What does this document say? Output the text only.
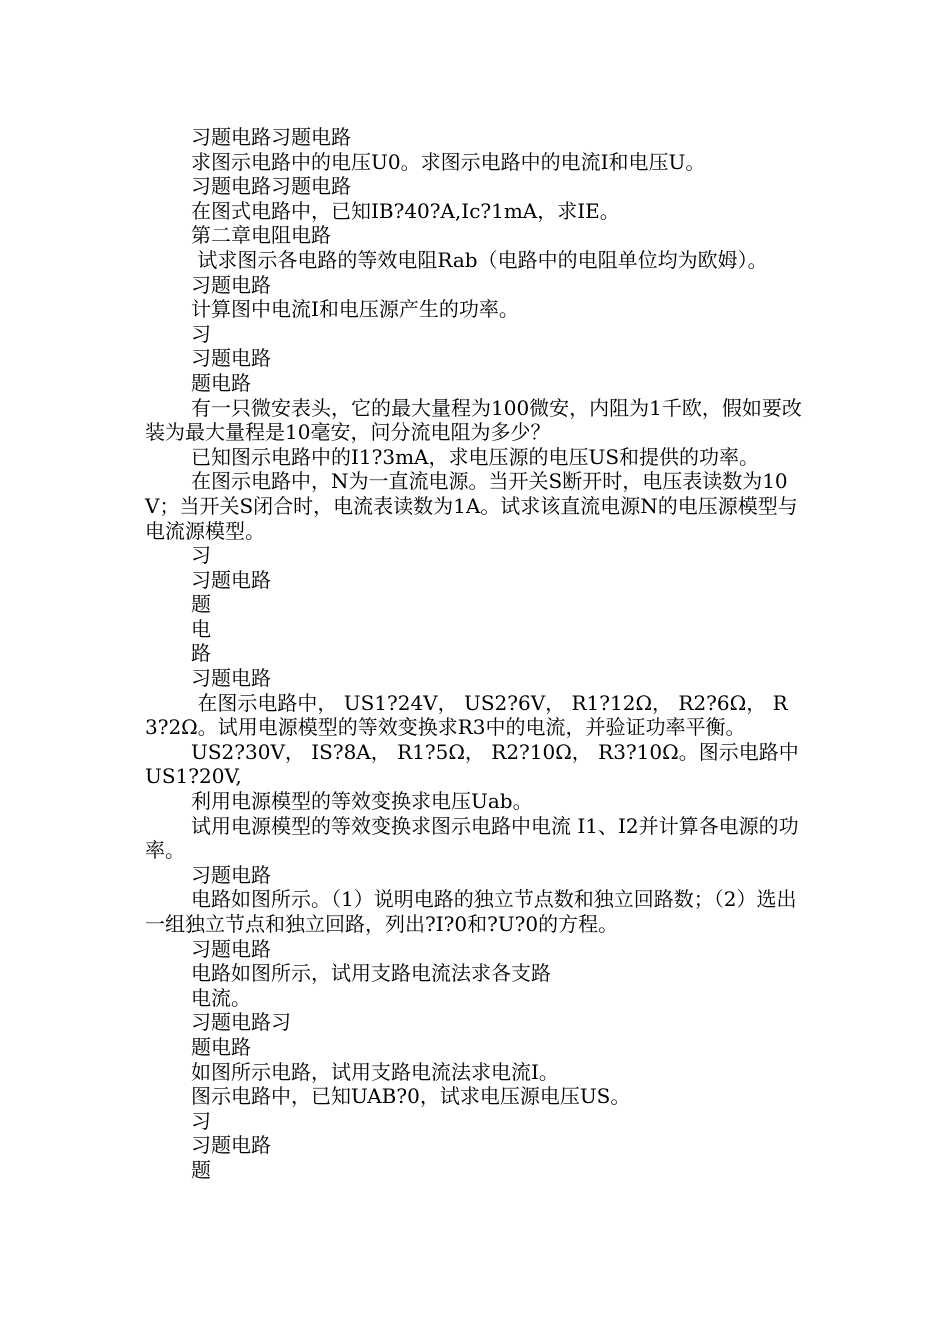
习题电路习题电路

求图示电路中的电压U0。求图示电路中的电流I和电压U。

习题电路习题电路

在图式电路中，已知IB?40?A,Ic?1mA，求IE。

第二章电阻电路

试求图示各电路的等效电阻Rab（电路中的电阻单位均为欧姆）。

习题电路

计算图中电流I和电压源产生的功率。

习

习题电路

题电路

有一只微安表头，它的最大量程为100微安，内阻为1千欧，假如要改装为最大量程是10毫安，问分流电阻为多少？

已知图示电路中的I1?3mA，求电压源的电压US和提供的功率。

在图示电路中，N为一直流电源。当开关S断开时，电压表读数为10V；当开关S闭合时，电流表读数为1A。试求该直流电源N的电压源模型与电流源模型。

习

习题电路

题

电

路

习题电路

在图示电路中， US1?24V， US2?6V， R1?12Ω， R2?6Ω， R3?2Ω。试用电源模型的等效变换求R3中的电流，并验证功率平衡。

US2?30V， IS?8A， R1?5Ω， R2?10Ω， R3?10Ω。图示电路中US1?20V,

利用电源模型的等效变换求电压Uab。

试用电源模型的等效变换求图示电路中电流 I1、I2并计算各电源的功率。

习题电路

电路如图所示。（1）说明电路的独立节点数和独立回路数；（2）选出一组独立节点和独立回路，列出?I?0和?U?0的方程。

习题电路

电路如图所示，试用支路电流法求各支路

电流。

习题电路习

题电路

如图所示电路，试用支路电流法求电流I。

图示电路中，已知UAB?0，试求电压源电压US。

习

习题电路

题
